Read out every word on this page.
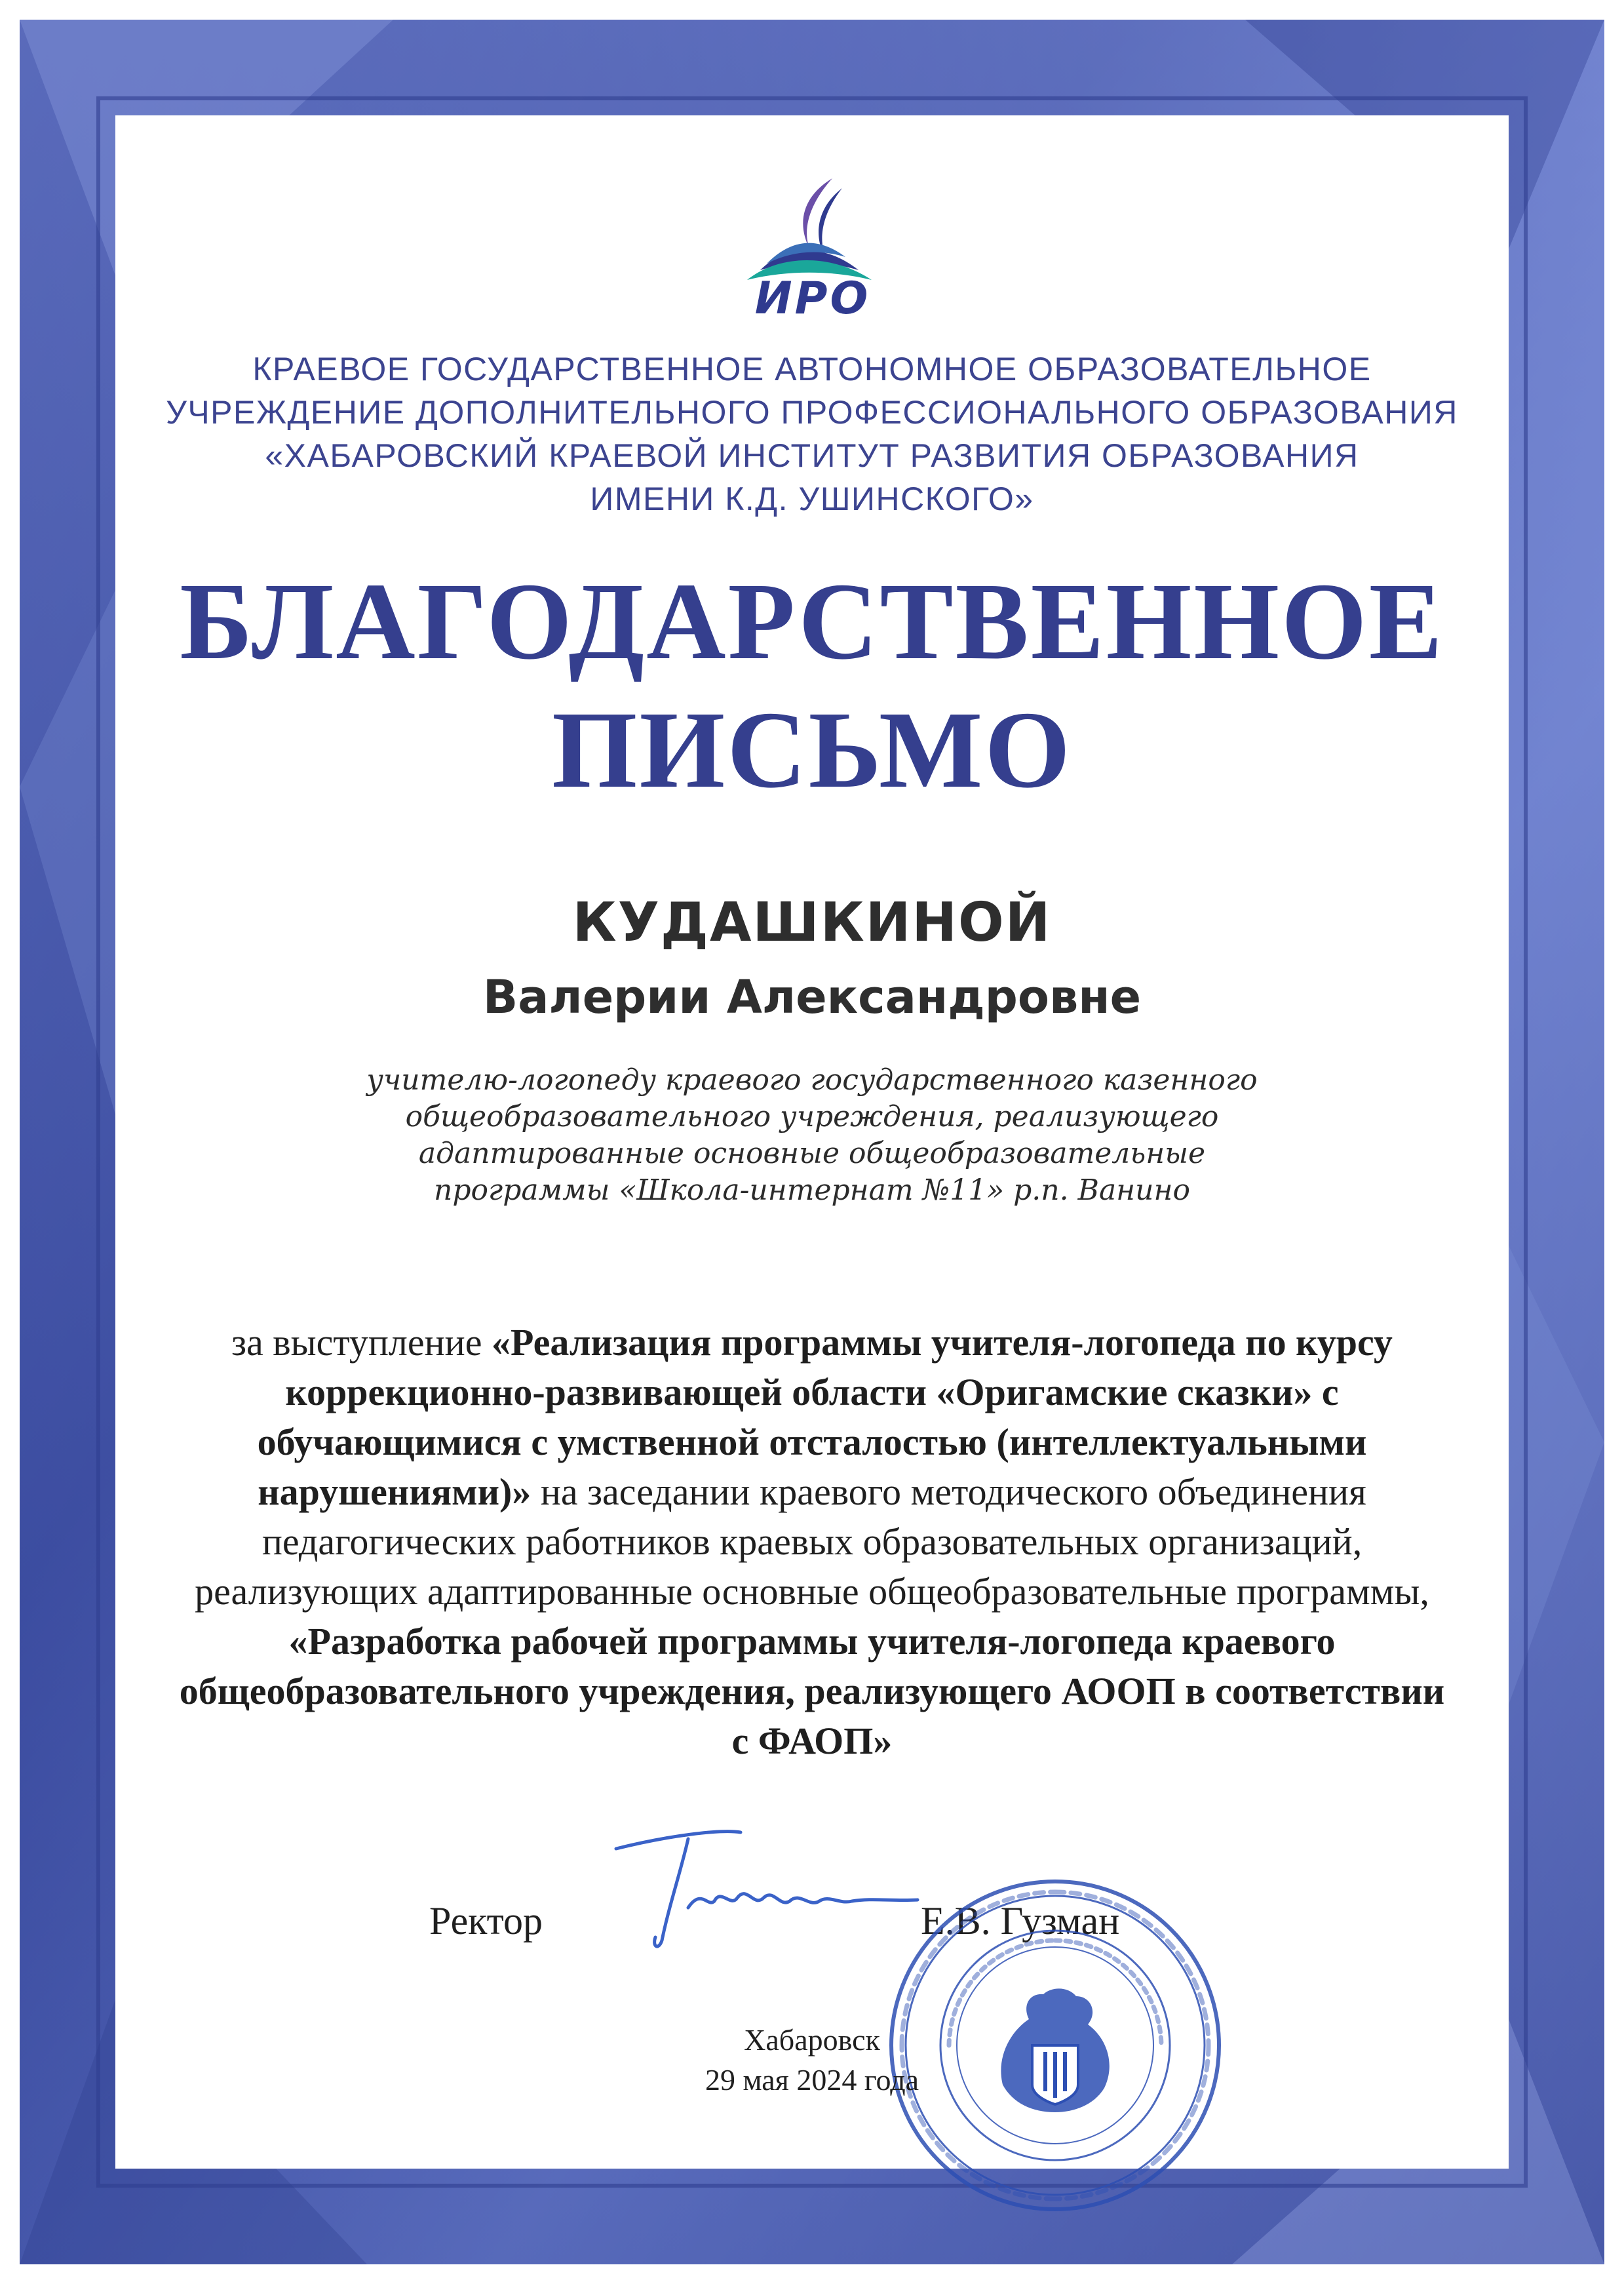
ИРО
КРАЕВОЕ ГОСУДАРСТВЕННОЕ АВТОНОМНОЕ ОБРАЗОВАТЕЛЬНОЕ
УЧРЕЖДЕНИЕ ДОПОЛНИТЕЛЬНОГО ПРОФЕССИОНАЛЬНОГО ОБРАЗОВАНИЯ
«ХАБАРОВСКИЙ КРАЕВОЙ ИНСТИТУТ РАЗВИТИЯ ОБРАЗОВАНИЯ
ИМЕНИ К.Д. УШИНСКОГО»
БЛАГОДАРСТВЕННОЕ
ПИСЬМО
КУДАШКИНОЙ
Валерии Александровне
учителю-логопеду краевого государственного казенного
общеобразовательного учреждения, реализующего
адаптированные основные общеобразовательные
программы «Школа-интернат №11» р.п. Ванино
за выступление «Реализация программы учителя-логопеда по курсу коррекционно-развивающей области «Оригамские сказки» с обучающимися с умственной отсталостью (интеллектуальными нарушениями)» на заседании краевого методического объединения педагогических работников краевых образовательных организаций, реализующих адаптированные основные общеобразовательные программы, «Разработка рабочей программы учителя-логопеда краевого общеобразовательного учреждения, реализующего АООП в соответствии с ФАОП»
Ректор	Е.В. Гузман
Хабаровск
29 мая 2024 года
